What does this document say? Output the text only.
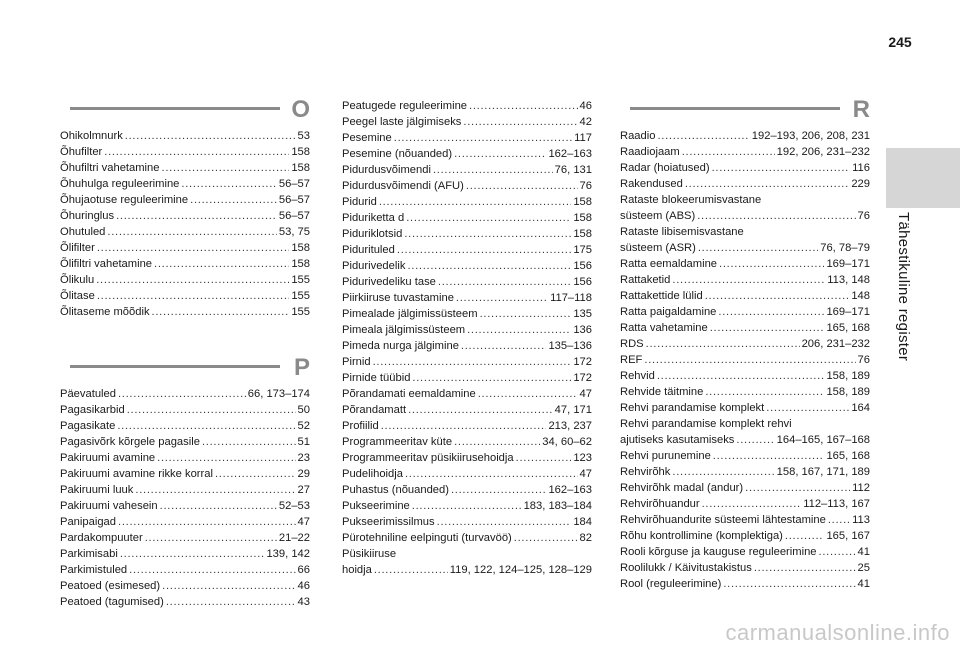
245
Tähestikuline register
O
Ohikolmnurk . . .	53
Õhufilter . . .	158
Õhufiltri vahetamine . . .	158
Õhuhulga reguleerimine . . .	56–57
Õhujaotuse reguleerimine . . .	56–57
Õhuringlus . . .	56–57
Ohutuled . . .	53, 75
Õlifilter . . .	158
Õlifiltri vahetamine . . .	158
Õlikulu . . .	155
Õlitase . . .	155
Õlitaseme mõõdik . . .	155
P
Päevatuled . . .	66, 173–174
Pagasikarbid . . .	50
Pagasikate . . .	52
Pagasivõrk kõrgele pagasile . . .	51
Pakiruumi avamine . . .	23
Pakiruumi avamine rikke korral . . .	29
Pakiruumi luuk . . .	27
Pakiruumi vahesein . . .	52–53
Panipaigad . . .	47
Pardakompuuter . . .	21–22
Parkimisabi . . .	139, 142
Parkimistuled . . .	66
Peatoed (esimesed) . . .	46
Peatoed (tagumised) . . .	43
Peatugede reguleerimine . . .	46
Peegel laste jälgimiseks . . .	42
Pesemine . . .	117
Pesemine (nõuanded) . . .	162–163
Pidurdusvõimendi . . .	76, 131
Pidurdusvõimendi (AFU) . . .	76
Pidurid . . .	158
Piduriketta d . . .	158
Piduriklotsid . . .	158
Pidurituled . . .	175
Pidurivedelik . . .	156
Pidurivedeliku tase . . .	156
Piirkiiruse tuvastamine . . .	117–118
Pimealade jälgimissüsteem . . .	135
Pimeala jälgimissüsteem . . .	136
Pimeda nurga jälgimine . . .	135–136
Pirnid . . .	172
Pirnide tüübid . . .	172
Põrandamati eemaldamine . . .	47
Põrandamatt . . .	47, 171
Profiilid . . .	213, 237
Programmeeritav küte . . .	34, 60–62
Programmeeritav püsikiirusehoidja . . .	123
Pudelihoidja . . .	47
Puhastus (nõuanded) . . .	162–163
Pukseerimine . . .	183, 183–184
Pukseerimissilmus . . .	184
Pürotehniline eelpinguti (turvavöö) . . .	82
Püsikiiruse
hoidja . . .	119, 122, 124–125, 128–129
R
Raadio . . .	192–193, 206, 208, 231
Raadiojaam . . .	192, 206, 231–232
Radar (hoiatused) . . .	116
Rakendused . . .	229
Rataste blokeerumisvastane
süsteem (ABS) . . .	76
Rataste libisemisvastane
süsteem (ASR) . . .	76, 78–79
Ratta eemaldamine . . .	169–171
Rattaketid . . .	113, 148
Rattakettide lülid . . .	148
Ratta paigaldamine . . .	169–171
Ratta vahetamine . . .	165, 168
RDS . . .	206, 231–232
REF . . .	76
Rehvid . . .	158, 189
Rehvide täitmine . . .	158, 189
Rehvi parandamise komplekt . . .	164
Rehvi parandamise komplekt rehvi
ajutiseks kasutamiseks . . .	164–165, 167–168
Rehvi purunemine . . .	165, 168
Rehvirõhk . . .	158, 167, 171, 189
Rehvirõhk madal (andur) . . .	112
Rehvirõhuandur . . .	112–113, 167
Rehvirõhuandurite süsteemi lähtestamine . . . 113
Rõhu kontrollimine (komplektiga) . . .	165, 167
Rooli kõrguse ja kauguse reguleerimine . . .	41
Roolilukk / Käivitustakistus . . .	25
Rool (reguleerimine) . . .	41
carmanualsonline.info
